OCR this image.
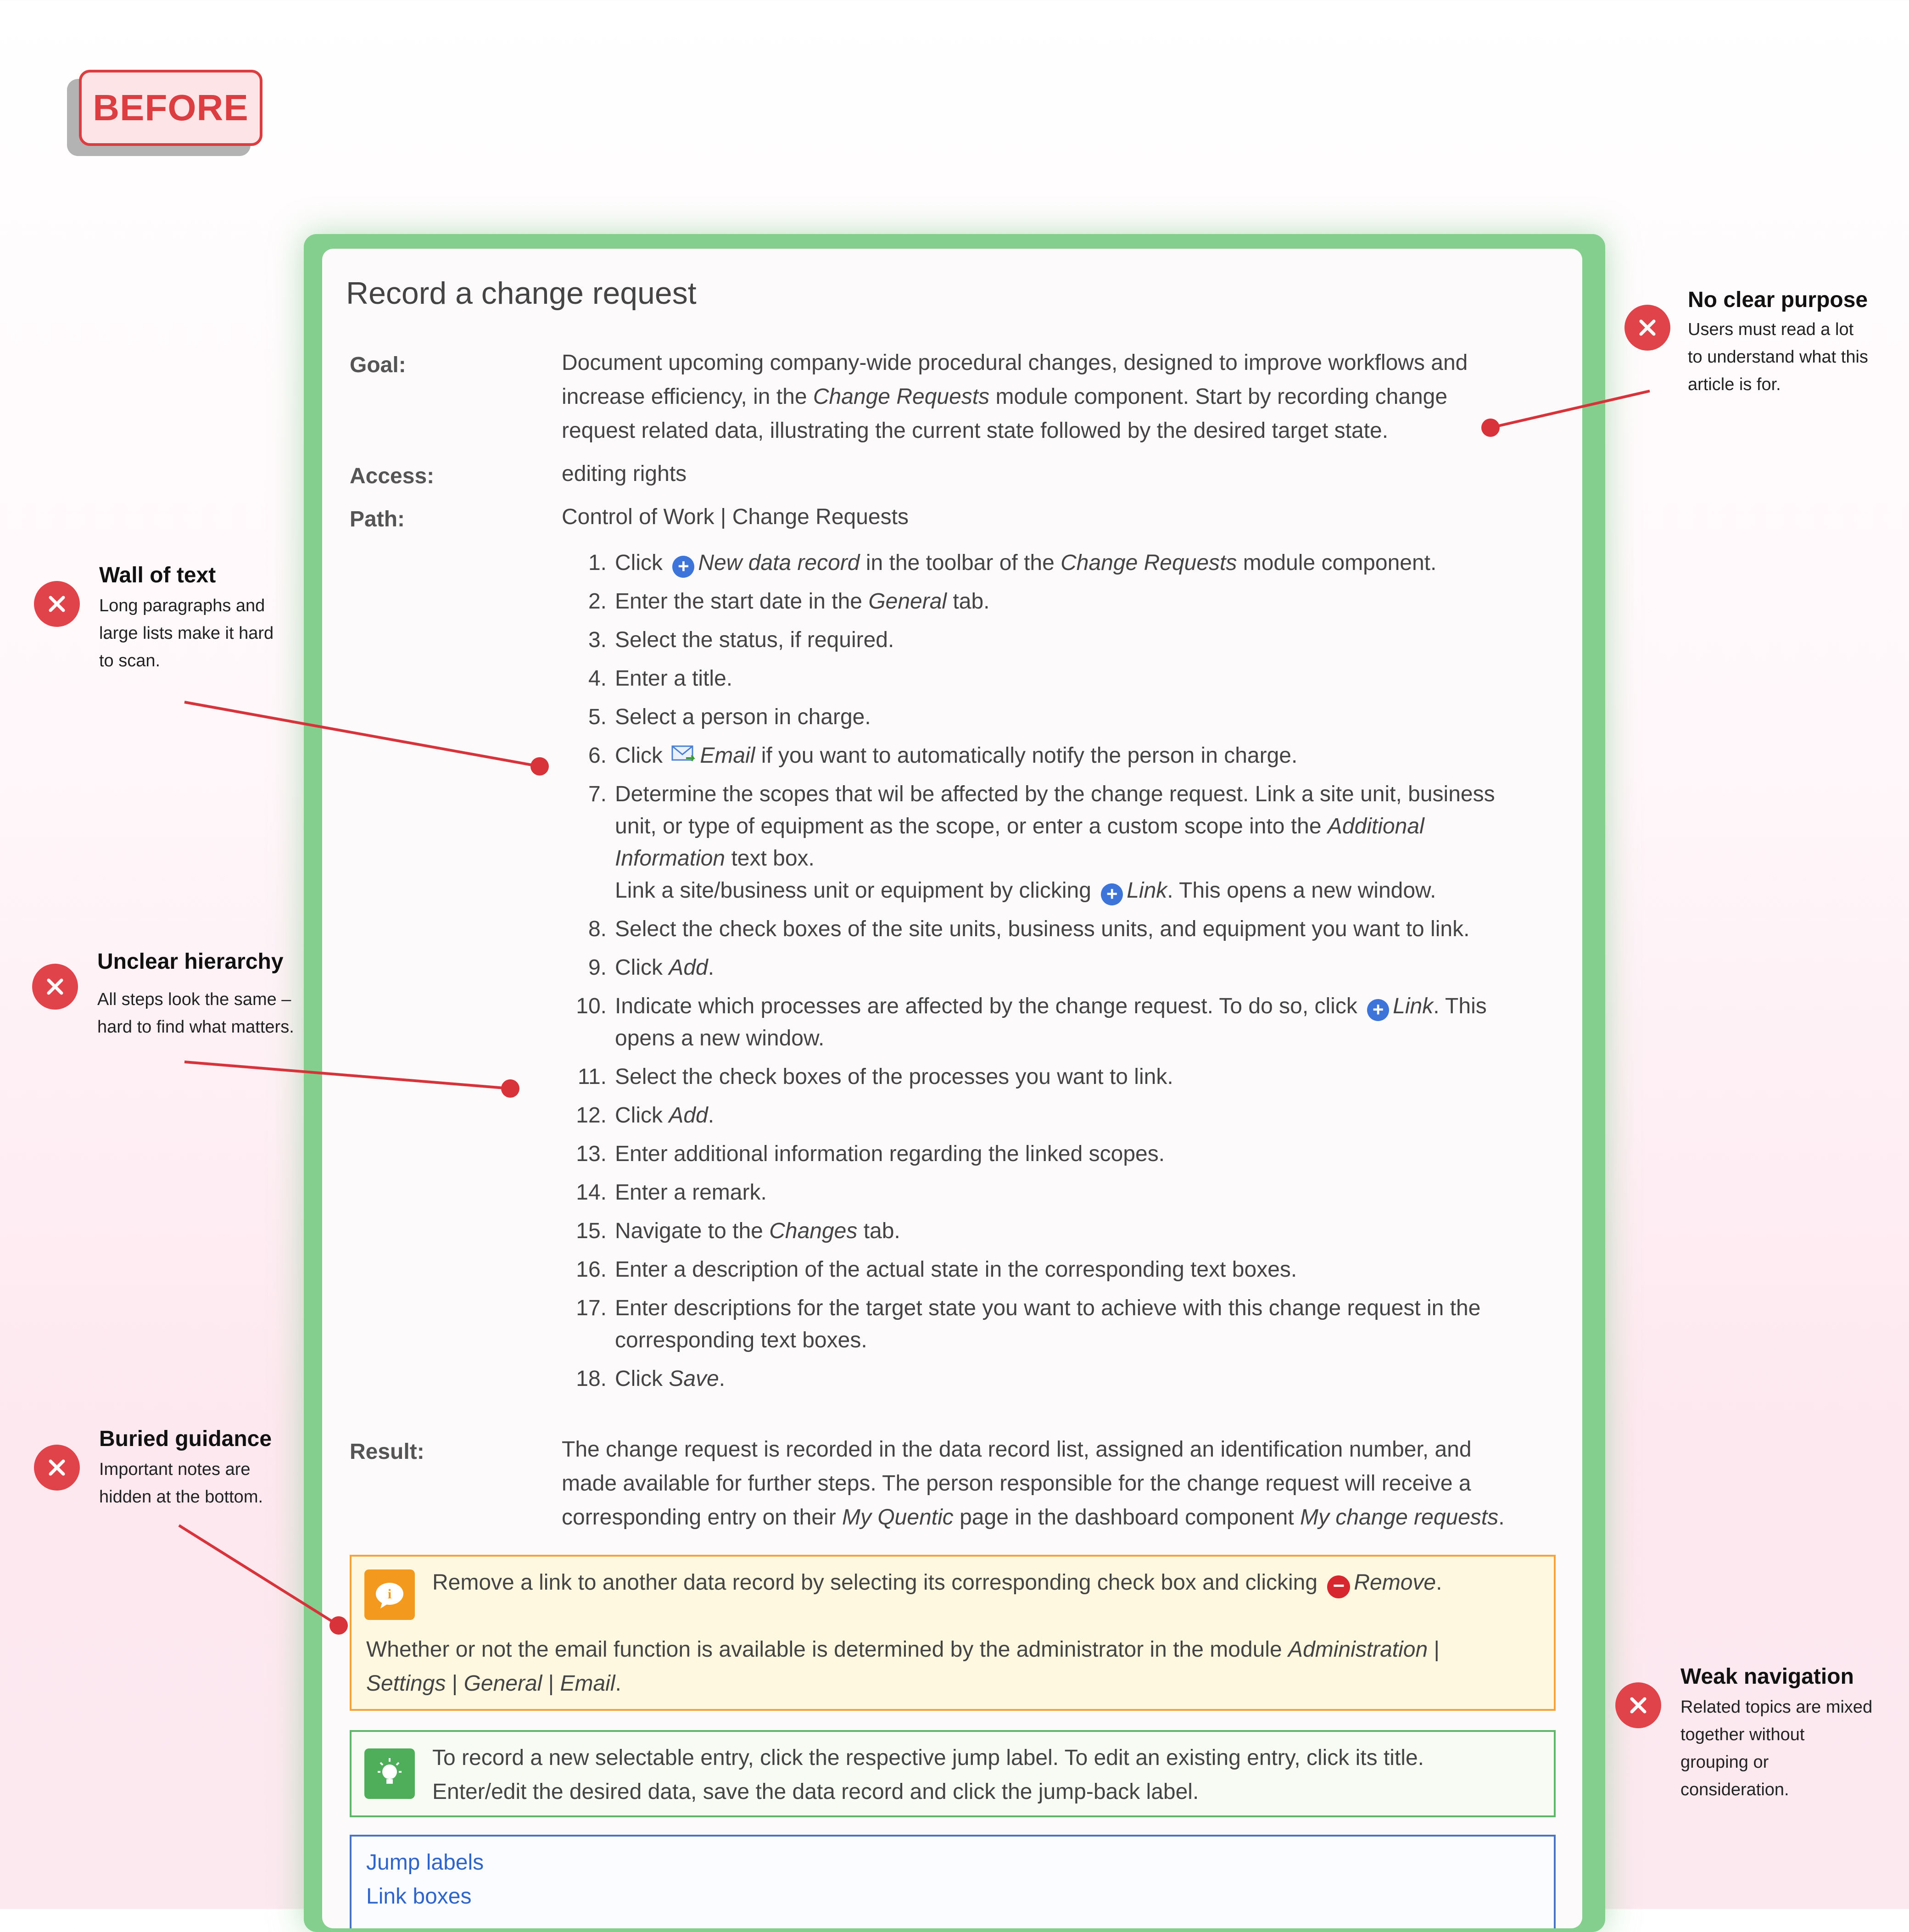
BEFORE
Record a change request
Goal:	Document upcoming company-wide procedural changes, designed to improve workflows and
increase efficiency, in the Change Requests module component. Start by recording change
request related data, illustrating the current state followed by the desired target state.
Access:	editing rights
Path:	Control of Work | Change Requests
1. Click + New data record in the toolbar of the Change Requests module component.
2. Enter the start date in the General tab.
3. Select the status, if required.
4. Enter a title.
5. Select a person in charge.
6. Click Email if you want to automatically notify the person in charge.
7. Determine the scopes that wil be affected by the change request. Link a site unit, business
unit, or type of equipment as the scope, or enter a custom scope into the Additional
Information text box.
Link a site/business unit or equipment by clicking + Link. This opens a new window.
8. Select the check boxes of the site units, business units, and equipment you want to link.
9. Click Add.
10. Indicate which processes are affected by the change request. To do so, click + Link. This
opens a new window.
11. Select the check boxes of the processes you want to link.
12. Click Add.
13. Enter additional information regarding the linked scopes.
14. Enter a remark.
15. Navigate to the Changes tab.
16. Enter a description of the actual state in the corresponding text boxes.
17. Enter descriptions for the target state you want to achieve with this change request in the
corresponding text boxes.
18. Click Save.
Result:	The change request is recorded in the data record list, assigned an identification number, and
made available for further steps. The person responsible for the change request will receive a
corresponding entry on their My Quentic page in the dashboard component My change requests.
i Remove a link to another data record by selecting its corresponding check box and clicking − Remove.
Whether or not the email function is available is determined by the administrator in the module Administration |
Settings | General | Email.
To record a new selectable entry, click the respective jump label. To edit an existing entry, click its title.
Enter/edit the desired data, save the data record and click the jump-back label.
Jump labels
Link boxes
No clear purpose
Users must read a lot
to understand what this
article is for.
Wall of text
Long paragraphs and
large lists make it hard
to scan.
Unclear hierarchy
All steps look the same –
hard to find what matters.
Buried guidance
Important notes are
hidden at the bottom.
Weak navigation
Related topics are mixed
together without
grouping or
consideration.
